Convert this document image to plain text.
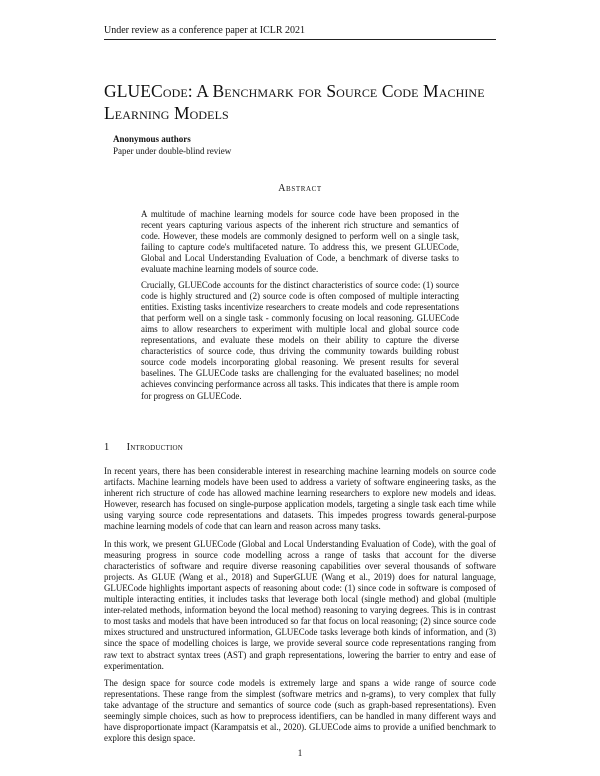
Under review as a conference paper at ICLR 2021
GLUECode: A Benchmark for Source Code Machine Learning Models
Anonymous authors
Paper under double-blind review
Abstract

A multitude of machine learning models for source code have been proposed in the recent years capturing various aspects of the inherent rich structure and semantics of code. However, these models are commonly designed to perform well on a single task, failing to capture code's multifaceted nature. To address this, we present GLUECode, Global and Local Understanding Evaluation of Code, a benchmark of diverse tasks to evaluate machine learning models of source code.

Crucially, GLUECode accounts for the distinct characteristics of source code: (1) source code is highly structured and (2) source code is often composed of multiple interacting entities. Existing tasks incentivize researchers to create models and code representations that perform well on a single task - commonly focusing on local reasoning. GLUECode aims to allow researchers to experiment with multiple local and global source code representations, and evaluate these models on their ability to capture the diverse characteristics of source code, thus driving the community towards building robust source code models incorporating global reasoning. We present results for several baselines. The GLUECode tasks are challenging for the evaluated baselines; no model achieves convincing performance across all tasks. This indicates that there is ample room for progress on GLUECode.

1 Introduction

In recent years, there has been considerable interest in researching machine learning models on source code artifacts. Machine learning models have been used to address a variety of software engineering tasks, as the inherent rich structure of code has allowed machine learning researchers to explore new models and ideas. However, research has focused on single-purpose application models, targeting a single task each time while using varying source code representations and datasets. This impedes progress towards general-purpose machine learning models of code that can learn and reason across many tasks.

In this work, we present GLUECode (Global and Local Understanding Evaluation of Code), with the goal of measuring progress in source code modelling across a range of tasks that account for the diverse characteristics of software and require diverse reasoning capabilities over several thousands of software projects. As GLUE (Wang et al., 2018) and SuperGLUE (Wang et al., 2019) does for natural language, GLUECode highlights important aspects of reasoning about code: (1) since code in software is composed of multiple interacting entities, it includes tasks that leverage both local (single method) and global (multiple inter-related methods, information beyond the local method) reasoning to varying degrees. This is in contrast to most tasks and models that have been introduced so far that focus on local reasoning; (2) since source code mixes structured and unstructured information, GLUECode tasks leverage both kinds of information, and (3) since the space of modelling choices is large, we provide several source code representations ranging from raw text to abstract syntax trees (AST) and graph representations, lowering the barrier to entry and ease of experimentation.

The design space for source code models is extremely large and spans a wide range of source code representations. These range from the simplest (software metrics and n-grams), to very complex that fully take advantage of the structure and semantics of source code (such as graph-based representations). Even seemingly simple choices, such as how to preprocess identifiers, can be handled in many different ways and have disproportionate impact (Karampatsis et al., 2020). GLUECode aims to provide a unified benchmark to explore this design space.

1
